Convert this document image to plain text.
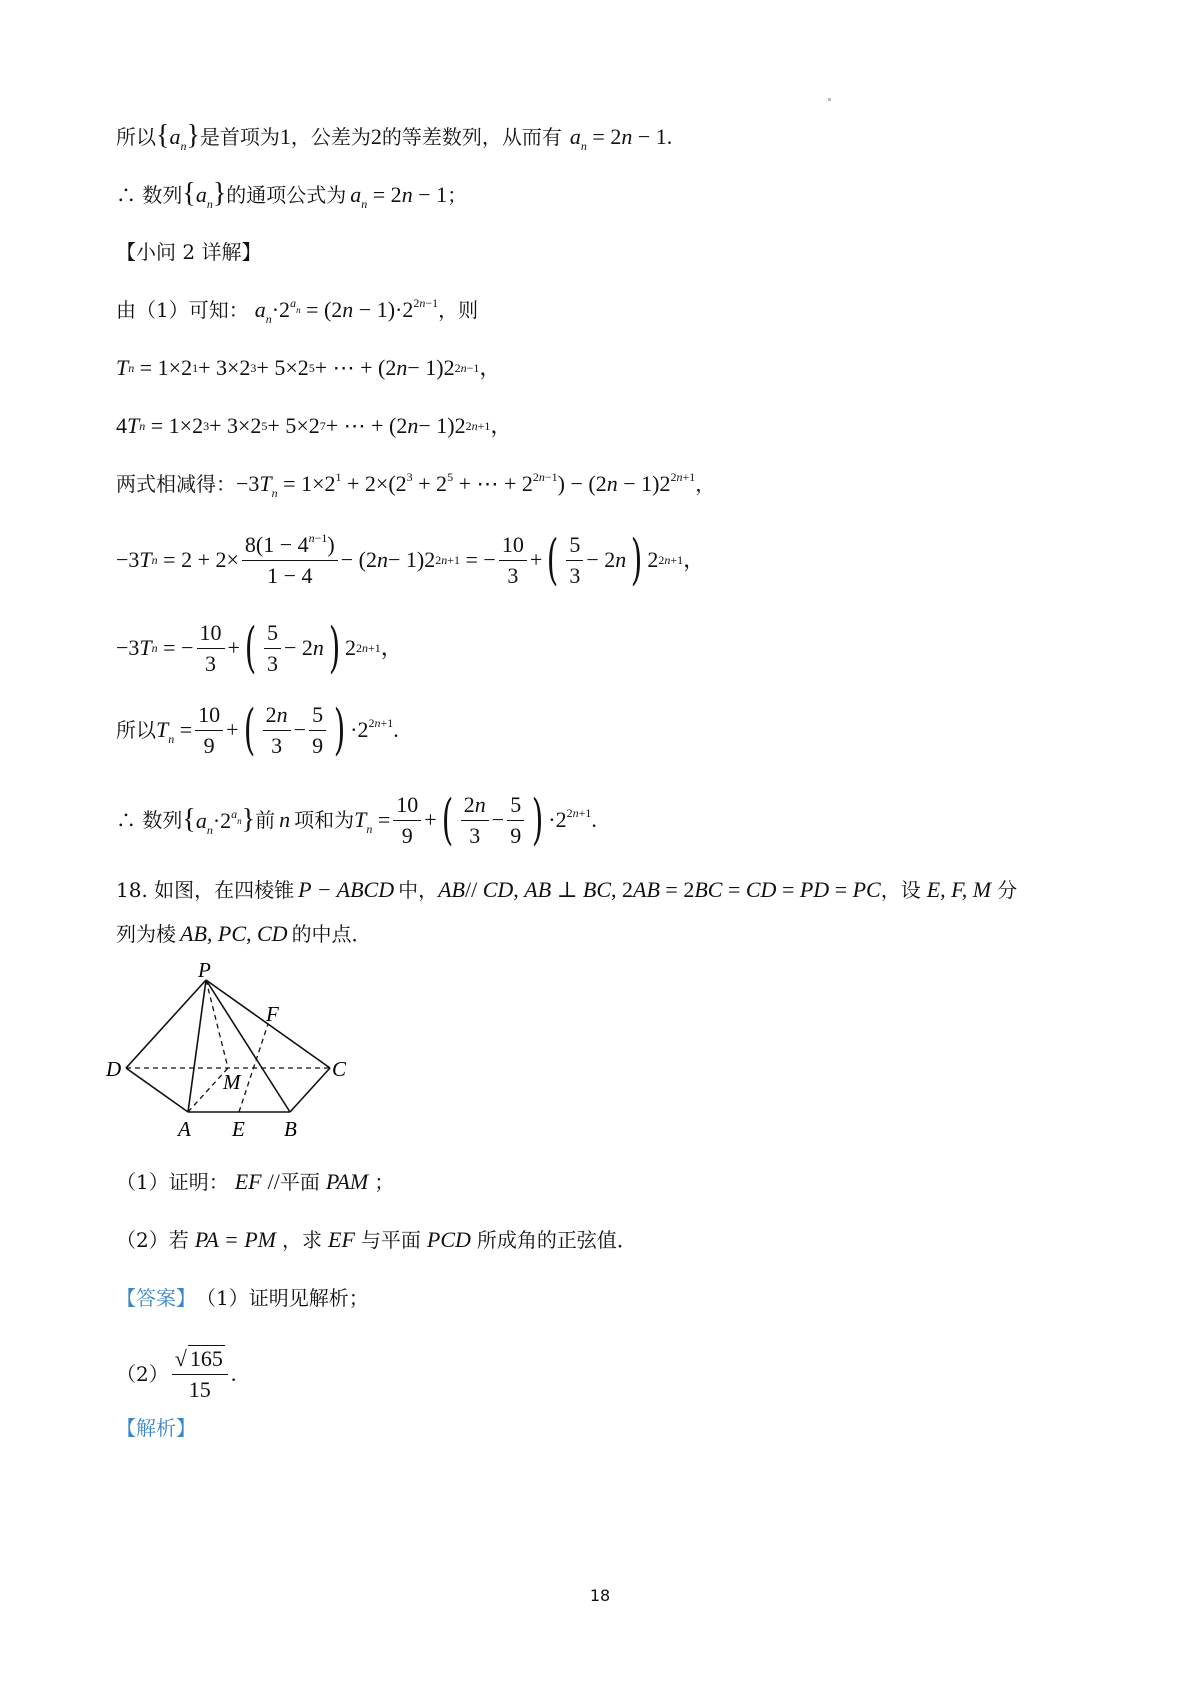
所以 $\{a_n\}$ 是首项为 1 ，公差为 2 的等差数列，从而有 $a_n = 2n - 1$.
∴ 数列 $\{a_n\}$ 的通项公式为 $a_n = 2n - 1$ ；
【小问 2 详解】
由（1）可知： $a_n\cdot 2^{a_n} = (2n - 1)\cdot 2^{2n-1}$ ，则
T n = 1×2 1 + 3×2 3 + 5×2 5 + ⋯ + (2 n − 1)2 2n−1 ，
4 T n = 1×2 3 + 3×2 5 + 5×2 7 + ⋯ + (2 n − 1)2 2n+1 ，
两式相减得： $-3T_n = 1\times 2^1 + 2\times(2^3 + 2^5$ + ⋯ + $2^{2n-1}) - (2n - 1)2^{2n+1}$ ，
−3 T $n = 2 + 2\times \frac{8(1 - 4^{n-1})}{1 - 4} - (2$ n − 1)2 2n+1 = − $\frac{10}{3}$ + ( $\frac{5}{3} - 2$ n ) 2 2n+1 ，
−3 T n = − $\frac{10}{3}$ + ( $\frac{5}{3} - 2$ n ) 2 2n+1 ，
所以 $T_n = \frac{10}{9}$ + ( $\frac{2n}{3} - \frac{5}{9}$ ) $\cdot 2^{2n+1}$.
∴ 数列 $\{a_n\cdot 2^{a_n}\}$ 前 n 项和为 $T_n = \frac{10}{9}$ + ( $\frac{2n}{3} - \frac{5}{9}$ ) $\cdot 2^{2n+1}$.
18. 如图，在四棱锥 P − ABCD 中， AB// CD, AB ⊥ BC, 2AB = 2BC = CD = PD = PC ，设 E, F, M 分
列为棱 AB, PC, CD 的中点．
P
F
D
M
C
A E B
（1）证明： EF // 平面 PAM ；
（2）若 PA = PM ，求 EF 与平面 PCD 所成角的正弦值．
【答案】 （1）证明见解析；
$(2) \frac{√ 165}{15}$ .
【解析】
18
